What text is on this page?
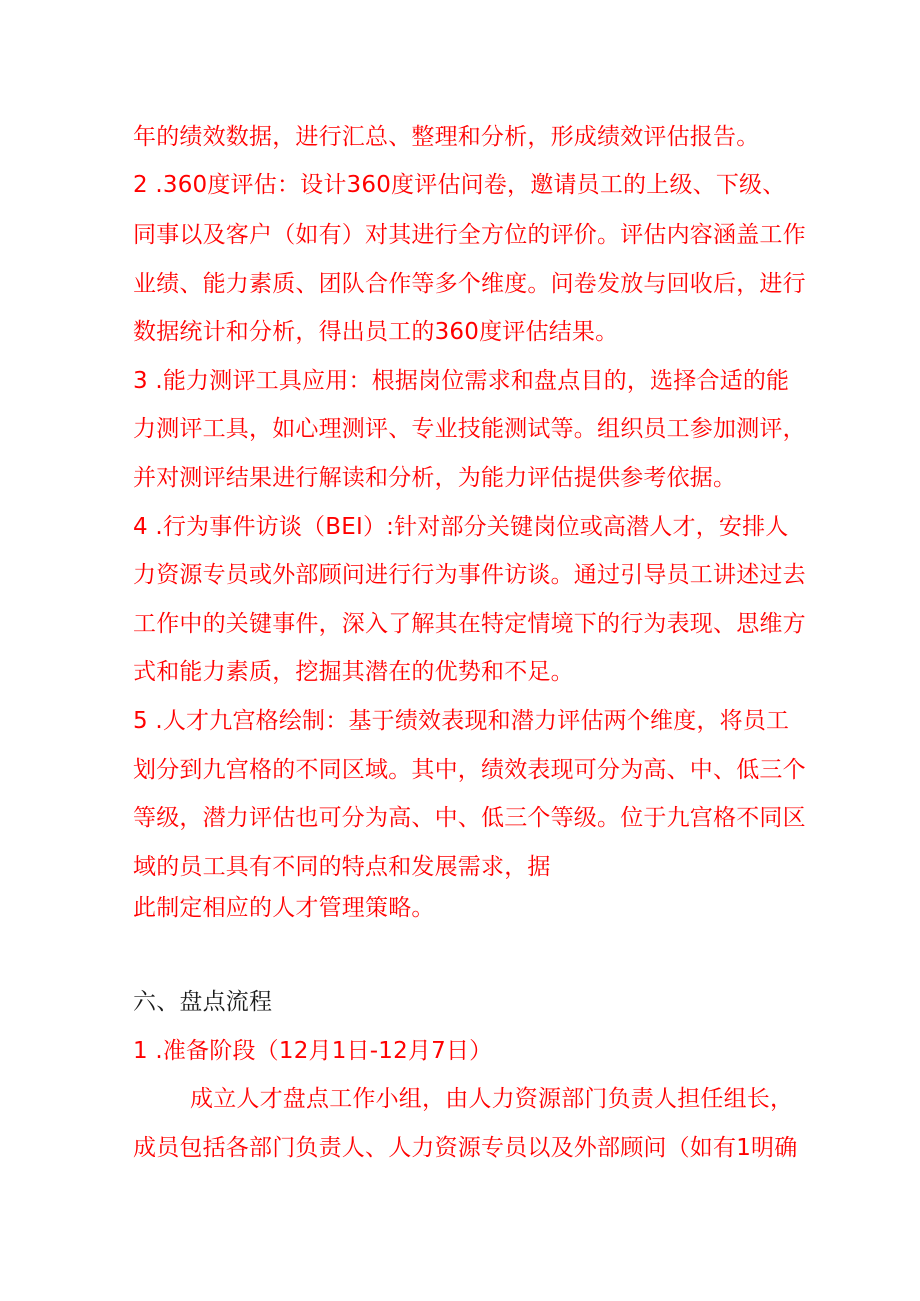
年的绩效数据，进行汇总、整理和分析，形成绩效评估报告。
2 .360度评估：设计360度评估问卷，邀请员工的上级、下级、
同事以及客户（如有）对其进行全方位的评价。评估内容涵盖工作
业绩、能力素质、团队合作等多个维度。问卷发放与回收后，进行
数据统计和分析，得出员工的360度评估结果。
3 .能力测评工具应用：根据岗位需求和盘点目的，选择合适的能
力测评工具，如心理测评、专业技能测试等。组织员工参加测评，
并对测评结果进行解读和分析，为能力评估提供参考依据。
4 .行为事件访谈（BEI）:针对部分关键岗位或高潜人才，安排人
力资源专员或外部顾问进行行为事件访谈。通过引导员工讲述过去
工作中的关键事件，深入了解其在特定情境下的行为表现、思维方
式和能力素质，挖掘其潜在的优势和不足。
5 .人才九宫格绘制：基于绩效表现和潜力评估两个维度，将员工
划分到九宫格的不同区域。其中，绩效表现可分为高、中、低三个
等级，潜力评估也可分为高、中、低三个等级。位于九宫格不同区
域的员工具有不同的特点和发展需求，据
此制定相应的人才管理策略。
六、盘点流程
1 .准备阶段（12月1日-12月7日）
成立人才盘点工作小组，由人力资源部门负责人担任组长，
成员包括各部门负责人、人力资源专员以及外部顾问（如有1明确
